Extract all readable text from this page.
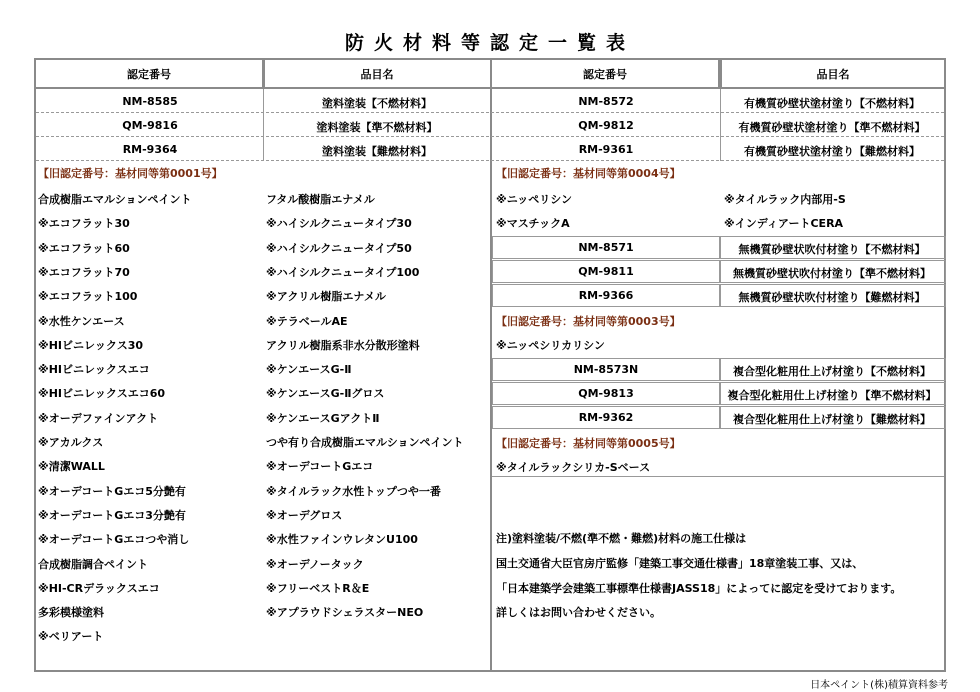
防火材料等認定一覧表
認定番号	品目名	認定番号	品目名
NM-8585	塗料塗装【不燃材料】	NM-8572	有機質砂壁状塗材塗り【不燃材料】
QM-9816	塗料塗装【準不燃材料】	QM-9812	有機質砂壁状塗材塗り【準不燃材料】
RM-9364	塗料塗装【難燃材料】	RM-9361	有機質砂壁状塗材塗り【難燃材料】
【旧認定番号：基材同等第0001号】
合成樹脂エマルションペイント
※エコフラット30
※エコフラット60
※エコフラット70
※エコフラット100
※水性ケンエース
※HIビニレックス30
※HIビニレックスエコ
※HIビニレックスエコ60
※オーデファインアクト
※アカルクス
※清潔WALL
※オーデコートGエコ5分艶有
※オーデコートGエコ3分艶有
※オーデコートGエコつや消し
合成樹脂調合ペイント
※HI-CRデラックスエコ
多彩模様塗料
※ベリアート
フタル酸樹脂エナメル
※ハイシルクニュータイプ30
※ハイシルクニュータイプ50
※ハイシルクニュータイプ100
※アクリル樹脂エナメル
※テラベールAE
アクリル樹脂系非水分散形塗料
※ケンエースG-Ⅱ
※ケンエースG-Ⅱグロス
※ケンエースGアクトⅡ
つや有り合成樹脂エマルションペイント
※オーデコートGエコ
※タイルラック水性トップつや一番
※オーデグロス
※水性ファインウレタンU100
※オーデノータック
※フリーベストR＆E
※アプラウドシェラスターNEO
【旧認定番号：基材同等第0004号】
※ニッペリシン	※タイルラック内部用-S
※マスチックA	※インディアートCERA
NM-8571	無機質砂壁状吹付材塗り【不燃材料】
QM-9811	無機質砂壁状吹付材塗り【準不燃材料】
RM-9366	無機質砂壁状吹付材塗り【難燃材料】
【旧認定番号：基材同等第0003号】
※ニッペシリカリシン
NM-8573N	複合型化粧用仕上げ材塗り【不燃材料】
QM-9813	複合型化粧用仕上げ材塗り【準不燃材料】
RM-9362	複合型化粧用仕上げ材塗り【難燃材料】
【旧認定番号：基材同等第0005号】
※タイルラックシリカ-Sベース
注)塗料塗装/不燃(準不燃・難燃)材料の施工仕様は
国土交通省大臣官房庁監修「建築工事交通仕様書」18章塗装工事、又は、
「日本建築学会建築工事標準仕様書JASS18」によってに認定を受けております。
詳しくはお問い合わせください。
日本ペイント(株)積算資料参考
